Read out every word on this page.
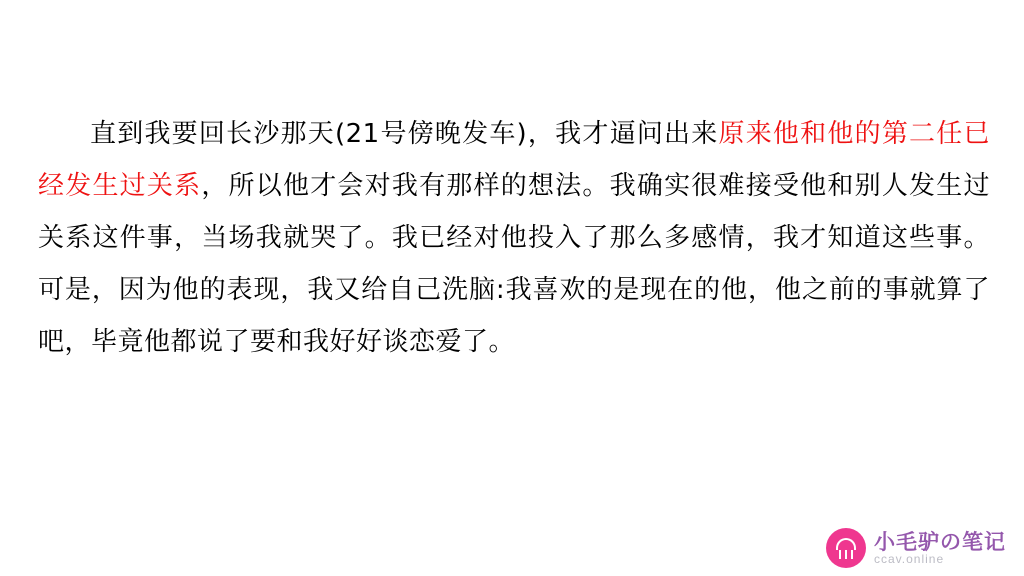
直到我要回长沙那天(21号傍晚发车)，我才逼问出来原来他和他的第二任已经发生过关系，所以他才会对我有那样的想法。我确实很难接受他和别人发生过关系这件事，当场我就哭了。我已经对他投入了那么多感情，我才知道这些事。可是，因为他的表现，我又给自己洗脑:我喜欢的是现在的他，他之前的事就算了吧，毕竟他都说了要和我好好谈恋爱了。

小毛驴の笔记
ccav.online
